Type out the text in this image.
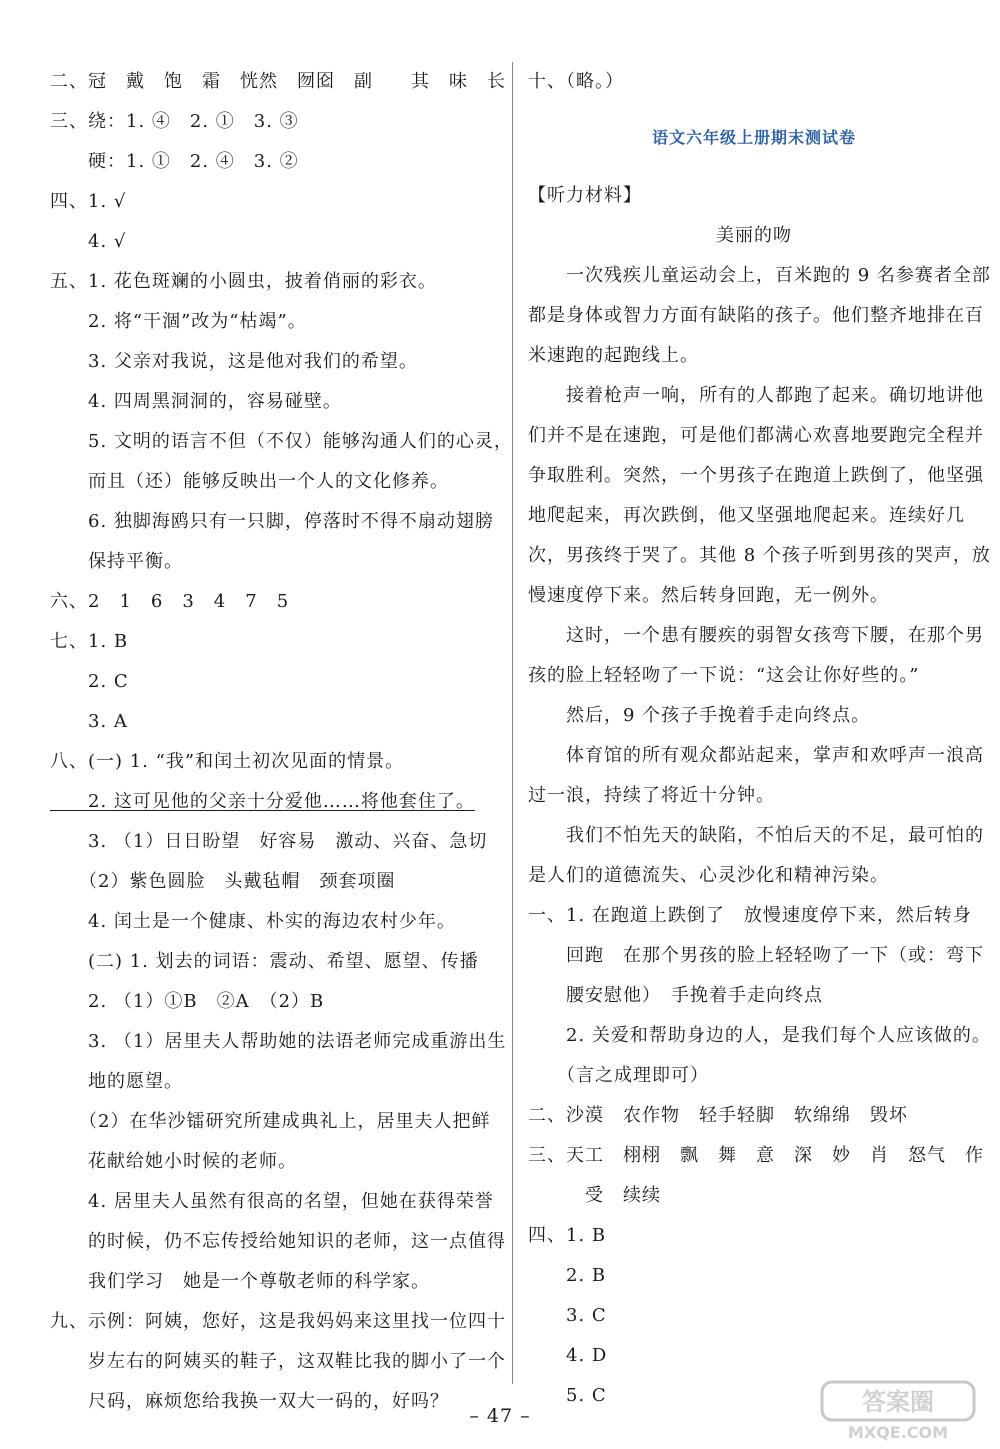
二、冠　戴　饱　霜　恍然　囫囵　副　　其　味　长
三、绕：1. ④　2. ①　3. ③
　　硬：1. ①　2. ④　3. ②
四、1. √
　　4. √
五、1. 花色斑斓的小圆虫，披着俏丽的彩衣。
　　2. 将“干涸”改为“枯竭”。
　　3. 父亲对我说，这是他对我们的希望。
　　4. 四周黑洞洞的，容易碰壁。
　　5. 文明的语言不但（不仅）能够沟通人们的心灵，
　　而且（还）能够反映出一个人的文化修养。
　　6. 独脚海鸥只有一只脚，停落时不得不扇动翅膀
　　保持平衡。
六、2　1　6　3　4　7　5
七、1. B
　　2. C
　　3. A
八、(一) 1. “我”和闰土初次见面的情景。
　　2. 这可见他的父亲十分爱他……将他套住了。
　　3. （1）日日盼望　好容易　激动、兴奋、急切
　　（2）紫色圆脸　头戴毡帽　颈套项圈
　　4. 闰土是一个健康、朴实的海边农村少年。
　　(二) 1. 划去的词语：震动、希望、愿望、传播
　　2. （1）①B　②A　（2）B
　　3. （1）居里夫人帮助她的法语老师完成重游出生
　　地的愿望。
　　（2）在华沙镭研究所建成典礼上，居里夫人把鲜
　　花献给她小时候的老师。
　　4. 居里夫人虽然有很高的名望，但她在获得荣誉
　　的时候，仍不忘传授给她知识的老师，这一点值得
　　我们学习　她是一个尊敬老师的科学家。
九、示例：阿姨，您好，这是我妈妈来这里找一位四十
　　岁左右的阿姨买的鞋子，这双鞋比我的脚小了一个
　　尺码，麻烦您给我换一双大一码的，好吗？
十、（略。）
语文六年级上册期末测试卷
【听力材料】
美丽的吻
　　一次残疾儿童运动会上，百米跑的 9 名参赛者全部
都是身体或智力方面有缺陷的孩子。他们整齐地排在百
米速跑的起跑线上。
　　接着枪声一响，所有的人都跑了起来。确切地讲他
们并不是在速跑，可是他们都满心欢喜地要跑完全程并
争取胜利。突然，一个男孩子在跑道上跌倒了，他坚强
地爬起来，再次跌倒，他又坚强地爬起来。连续好几
次，男孩终于哭了。其他 8 个孩子听到男孩的哭声，放
慢速度停下来。然后转身回跑，无一例外。
　　这时，一个患有腰疾的弱智女孩弯下腰，在那个男
孩的脸上轻轻吻了一下说：“这会让你好些的。”
　　然后，9 个孩子手挽着手走向终点。
　　体育馆的所有观众都站起来，掌声和欢呼声一浪高
过一浪，持续了将近十分钟。
　　我们不怕先天的缺陷，不怕后天的不足，最可怕的
是人们的道德流失、心灵沙化和精神污染。
一、1. 在跑道上跌倒了　放慢速度停下来，然后转身
　　回跑　在那个男孩的脸上轻轻吻了一下（或：弯下
　　腰安慰他）　手挽着手走向终点
　　2. 关爱和帮助身边的人，是我们每个人应该做的。
　　（言之成理即可）
二、沙漠　农作物　轻手轻脚　软绵绵　毁坏
三、天工　栩栩　飘　舞　意　深　妙　肖　怒气　作
　　　受　续续
四、1. B
　　2. B
　　3. C
　　4. D
　　5. C
– 47 –	答案圈
MXQE.COM
